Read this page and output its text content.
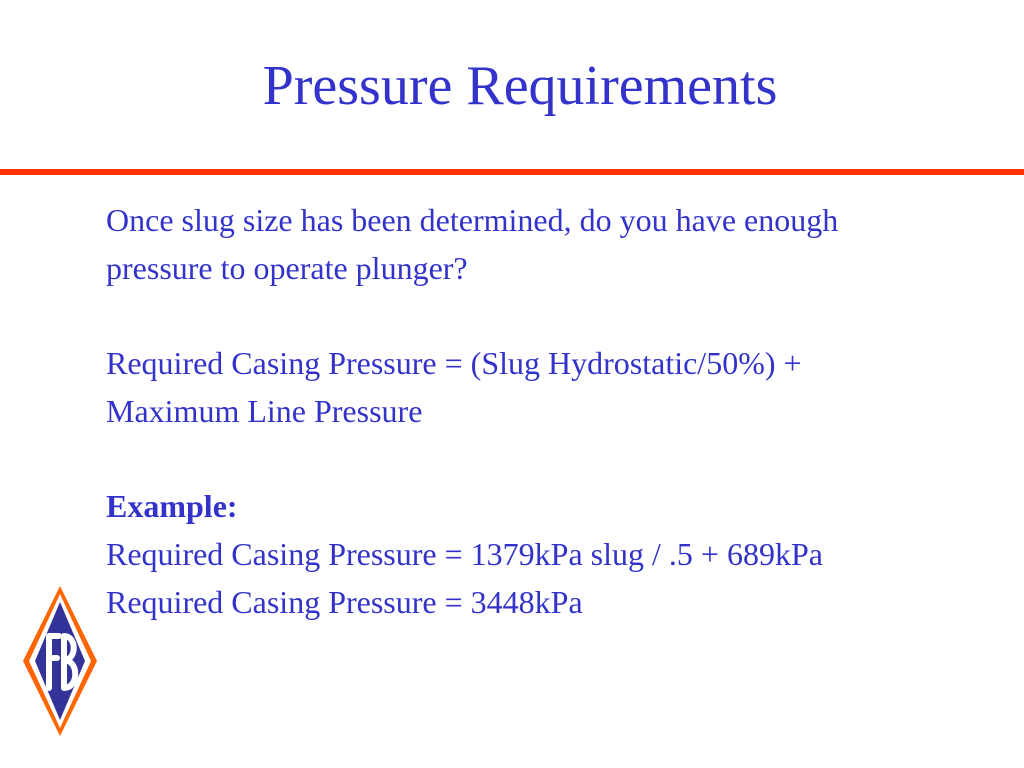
Pressure Requirements

Once slug size has been determined, do you have enough

pressure to operate plunger?

Required Casing Pressure = (Slug Hydrostatic/50%) +

Maximum Line Pressure

Example:

Required Casing Pressure = 1379kPa slug / .5 + 689kPa

Required Casing Pressure = 3448kPa
